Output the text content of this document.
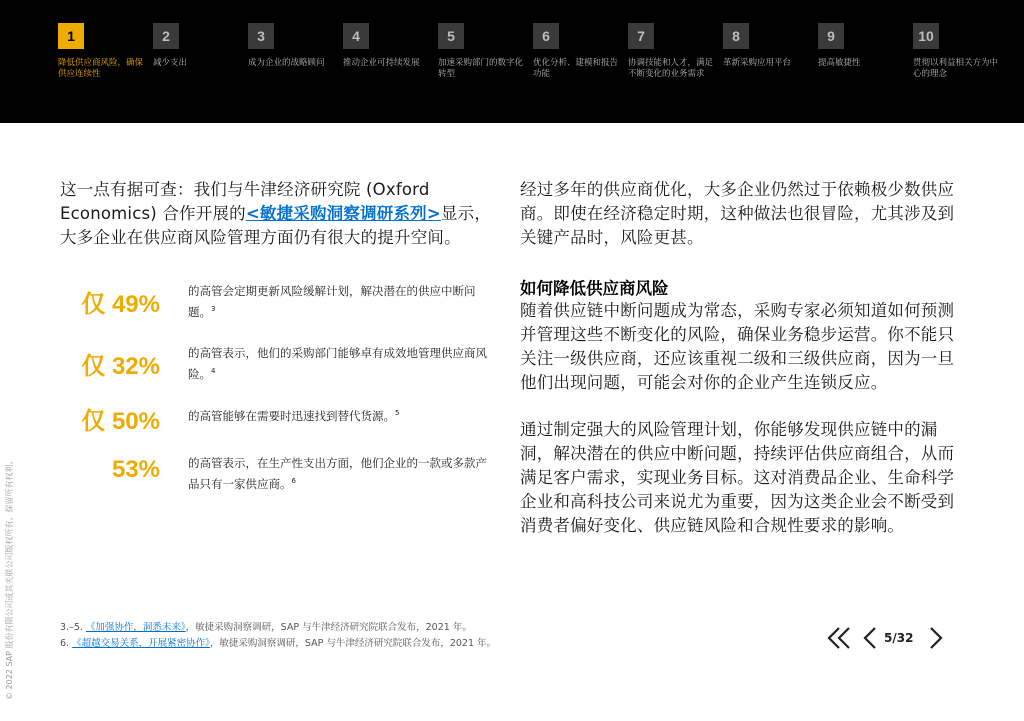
1
降低供应商风险，确保供应连续性
2
减少支出
3
成为企业的战略顾问
4
推动企业可持续发展
5
加速采购部门的数字化转型
6
优化分析、建模和报告功能
7
协调技能和人才，满足不断变化的业务需求
8
革新采购应用平台
9
提高敏捷性
10
贯彻以利益相关方为中心的理念
这一点有据可查：我们与牛津经济研究院 (Oxford Economics) 合作开展的<敏捷采购洞察调研系列>显示，大多企业在供应商风险管理方面仍有很大的提升空间。
仅 49% 的高管会定期更新风险缓解计划，解决潜在的供应中断问题。$^3$
仅 32% 的高管表示，他们的采购部门能够卓有成效地管理供应商风险。$^4$
仅 50% 的高管能够在需要时迅速找到替代货源。$^5$
53% 的高管表示，在生产性支出方面，他们企业的一款或多款产品只有一家供应商。$^6$
经过多年的供应商优化，大多企业仍然过于依赖极少数供应商。即使在经济稳定时期，这种做法也很冒险，尤其涉及到关键产品时，风险更甚。
如何降低供应商风险
随着供应链中断问题成为常态，采购专家必须知道如何预测并管理这些不断变化的风险，确保业务稳步运营。你不能只关注一级供应商，还应该重视二级和三级供应商，因为一旦他们出现问题，可能会对你的企业产生连锁反应。
通过制定强大的风险管理计划，你能够发现供应链中的漏洞，解决潜在的供应中断问题，持续评估供应商组合，从而满足客户需求，实现业务目标。这对消费品企业、生命科学企业和高科技公司来说尤为重要，因为这类企业会不断受到消费者偏好变化、供应链风险和合规性要求的影响。
3.–5. 《加强协作，洞悉未来》，敏捷采购洞察调研，SAP 与牛津经济研究院联合发布，2021 年。
6. 《超越交易关系，开展紧密协作》，敏捷采购洞察调研，SAP 与牛津经济研究院联合发布，2021 年。
© 2022 SAP 股份有限公司或其关联公司版权所有。保留所有权利。	5/32
